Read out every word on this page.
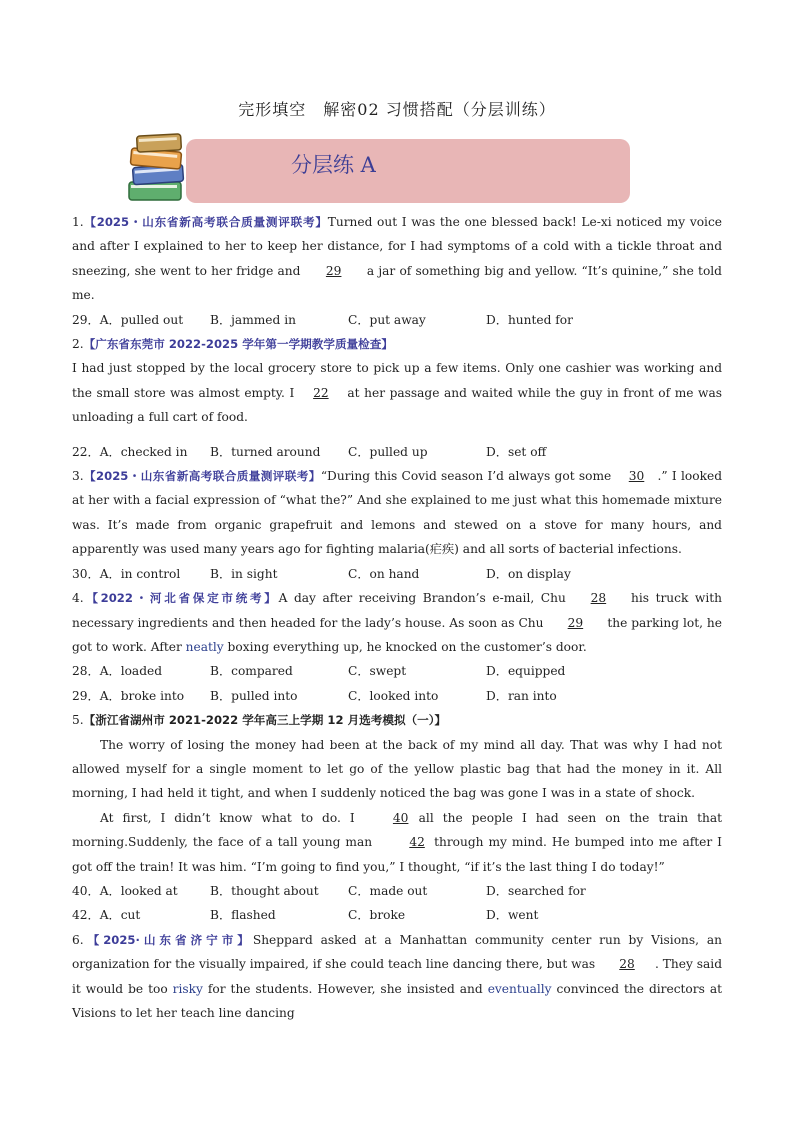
完形填空　解密02 习惯搭配（分层训练）
分层练 A

1.【2025・山东省新高考联合质量测评联考】Turned out I was the one blessed back! Le-xi noticed my voice and after I explained to her to keep her distance, for I had symptoms of a cold with a tickle throat and sneezing, she went to her fridge and 29 a jar of something big and yellow. “It’s quinine,” she told me.

29．A．pulled out	B．jammed in	C．put away	D．hunted for

2.【广东省东莞市 2022-2025 学年第一学期教学质量检查】

I had just stopped by the local grocery store to pick up a few items. Only one cashier was working and the small store was almost empty. I 22 at her passage and waited while the guy in front of me was unloading a full cart of food.

22．A．checked in	B．turned around	C．pulled up	D．set off

3.【2025・山东省新高考联合质量测评联考】“During this Covid season I’d always got some 30 .” I looked at her with a facial expression of “what the?” And she explained to me just what this homemade mixture was. It’s made from organic grapefruit and lemons and stewed on a stove for many hours, and apparently was used many years ago for fighting malaria(疟疾) and all sorts of bacterial infections.

30．A．in control	B．in sight	C．on hand	D．on display

4.【2022・河北省保定市统考】A day after receiving Brandon’s e-mail, Chu 28 his truck with necessary ingredients and then headed for the lady’s house. As soon as Chu 29 the parking lot, he got to work. After neatly boxing everything up, he knocked on the customer’s door.

28．A．loaded	B．compared	C．swept	D．equipped
29．A．broke into	B．pulled into	C．looked into	D．ran into

5.【浙江省湖州市 2021-2022 学年高三上学期 12 月选考模拟（一）】

The worry of losing the money had been at the back of my mind all day. That was why I had not allowed myself for a single moment to let go of the yellow plastic bag that had the money in it. All morning, I had held it tight, and when I suddenly noticed the bag was gone I was in a state of shock.

At first, I didn’t know what to do. I 40 all the people I had seen on the train that morning.Suddenly, the face of a tall young man	42 through my mind. He bumped into me after I got off the train! It was him. “I’m going to find you,” I thought, “if it’s the last thing I do today!”

40．A．looked at	B．thought about	C．made out	D．searched for
42．A．cut	B．flashed	C．broke	D．went

6.【2025·山东省济宁市】Sheppard asked at a Manhattan community center run by Visions, an organization for the visually impaired, if she could teach line dancing there, but was 28 . They said it would be too risky for the students. However, she insisted and eventually convinced the directors at Visions to let her teach line dancing
